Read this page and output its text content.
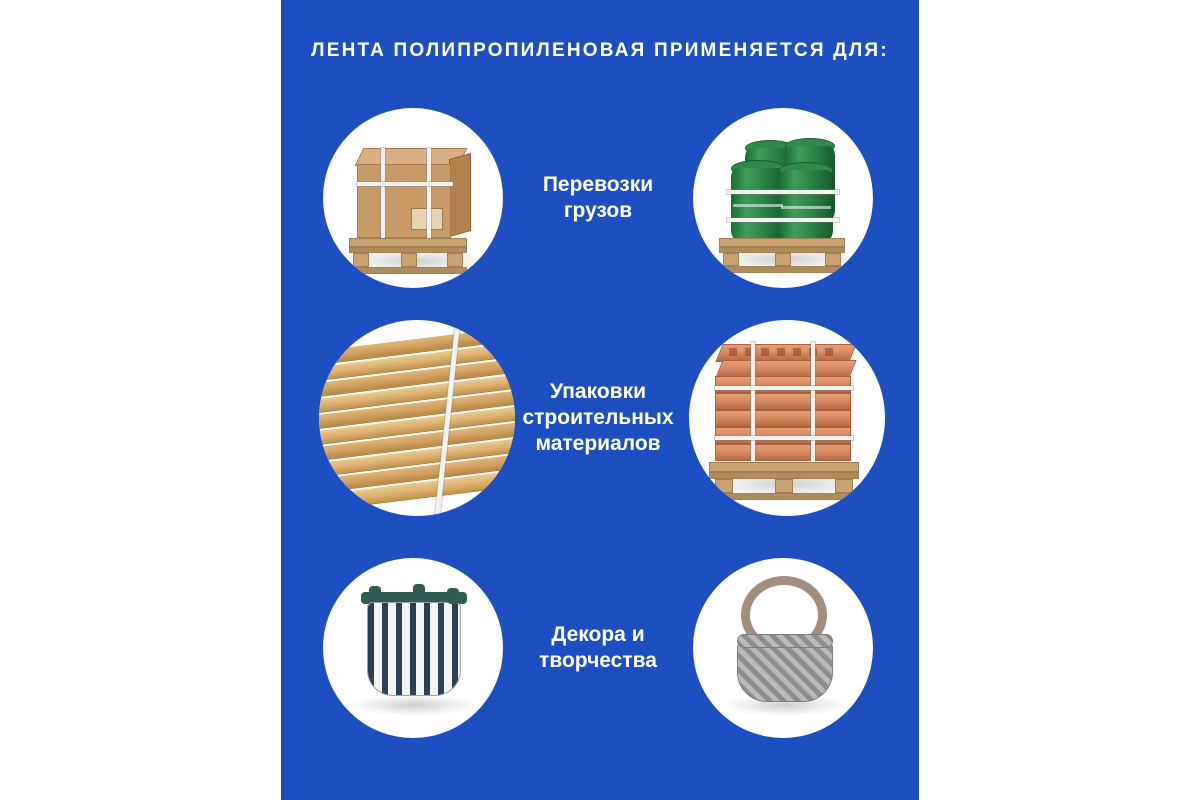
ЛЕНТА ПОЛИПРОПИЛЕНОВАЯ ПРИМЕНЯЕТСЯ ДЛЯ:
Перевозки грузов
Упаковки строительных материалов
Декора и творчества
